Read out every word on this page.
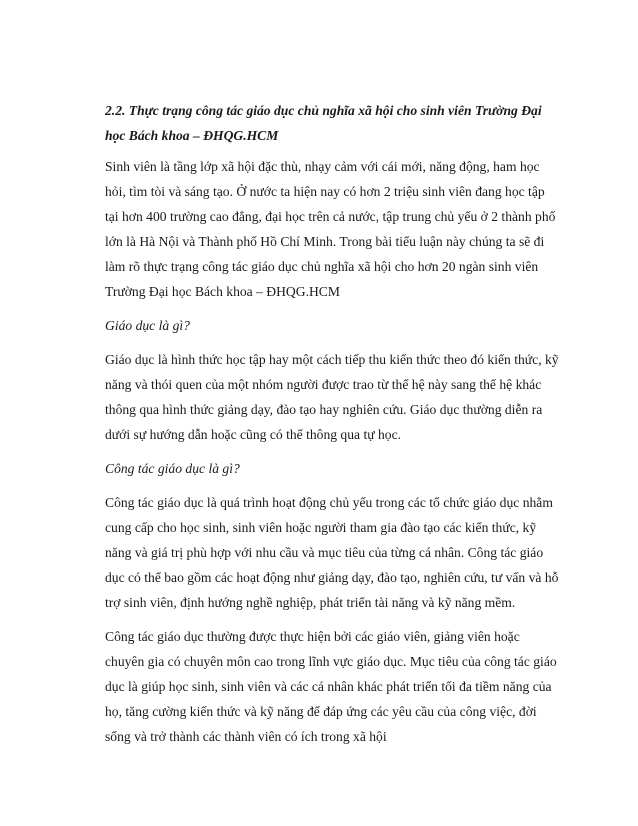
2.2. Thực trạng công tác giáo dục chủ nghĩa xã hội cho sinh viên Trường Đại học Bách khoa – ĐHQG.HCM

Sinh viên là tầng lớp xã hội đặc thù, nhạy cảm với cái mới, năng động, ham học hỏi, tìm tòi và sáng tạo. Ở nước ta hiện nay có hơn 2 triệu sinh viên đang học tập tại hơn 400 trường cao đẳng, đại học trên cả nước, tập trung chủ yếu ở 2 thành phố lớn là Hà Nội và Thành phố Hồ Chí Minh. Trong bài tiểu luận này chúng ta sẽ đi làm rõ thực trạng công tác giáo dục chủ nghĩa xã hội cho hơn 20 ngàn sinh viên Trường Đại học Bách khoa – ĐHQG.HCM

Giáo dục là gì?

Giáo dục là hình thức học tập hay một cách tiếp thu kiến thức theo đó kiến thức, kỹ năng và thói quen của một nhóm người được trao từ thế hệ này sang thế hệ khác thông qua hình thức giảng dạy, đào tạo hay nghiên cứu. Giáo dục thường diễn ra dưới sự hướng dẫn hoặc cũng có thể thông qua tự học.

Công tác giáo dục là gì?

Công tác giáo dục là quá trình hoạt động chủ yếu trong các tổ chức giáo dục nhằm cung cấp cho học sinh, sinh viên hoặc người tham gia đào tạo các kiến thức, kỹ năng và giá trị phù hợp với nhu cầu và mục tiêu của từng cá nhân. Công tác giáo dục có thể bao gồm các hoạt động như giảng dạy, đào tạo, nghiên cứu, tư vấn và hỗ trợ sinh viên, định hướng nghề nghiệp, phát triển tài năng và kỹ năng mềm.

Công tác giáo dục thường được thực hiện bởi các giáo viên, giảng viên hoặc chuyên gia có chuyên môn cao trong lĩnh vực giáo dục. Mục tiêu của công tác giáo dục là giúp học sinh, sinh viên và các cá nhân khác phát triển tối đa tiềm năng của họ, tăng cường kiến thức và kỹ năng để đáp ứng các yêu cầu của công việc, đời sống và trở thành các thành viên có ích trong xã hội
